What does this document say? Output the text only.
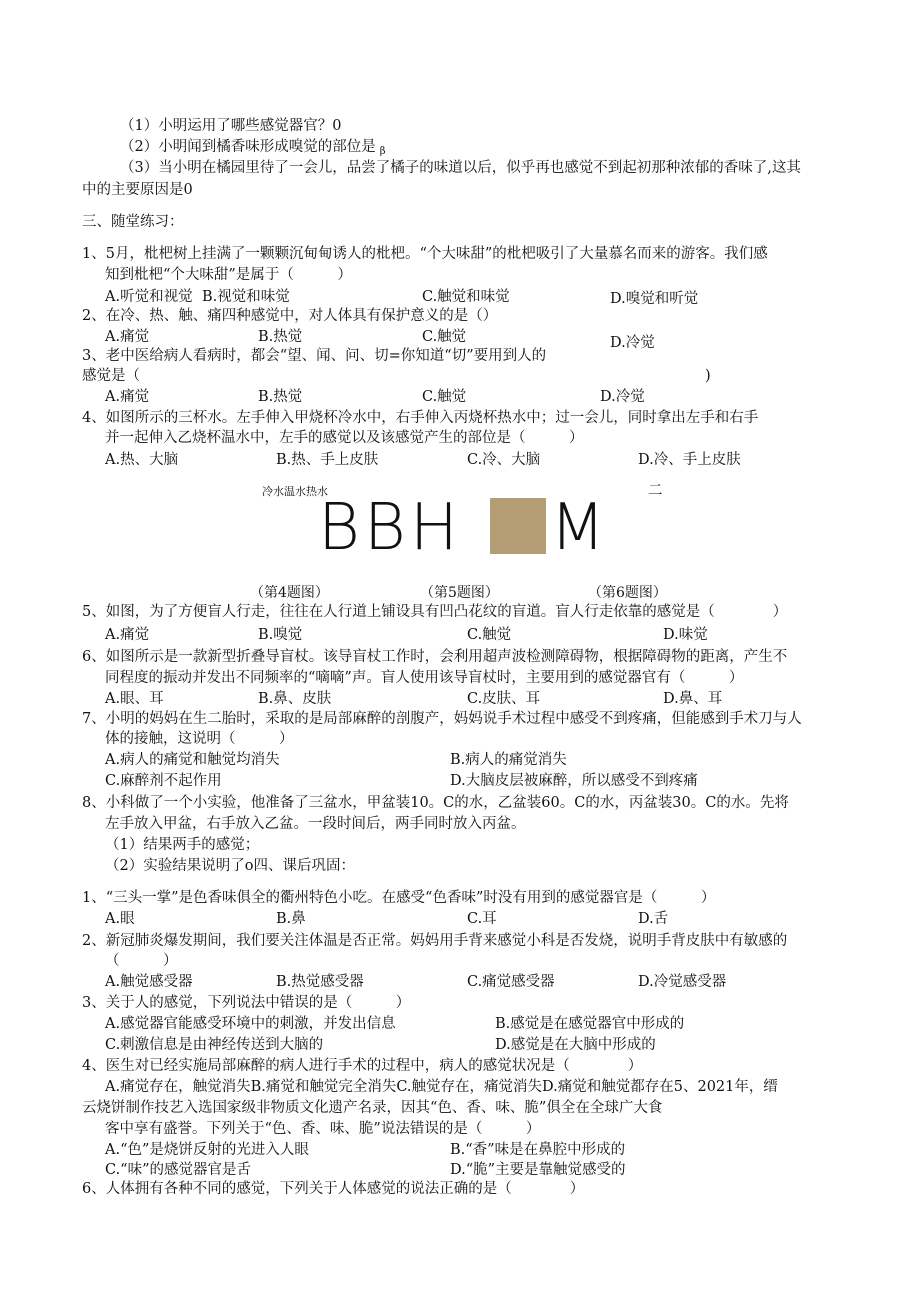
（1）小明运用了哪些感觉器官？0
（2）小明闻到橘香味形成嗅觉的部位是 $_\beta$
（3）当小明在橘园里待了一会儿，品尝了橘子的味道以后，似乎再也感觉不到起初那种浓郁的香味了,这其
中的主要原因是0
三、随堂练习：
1、5月，枇杷树上挂满了一颗颗沉甸甸诱人的枇杷。“个大味甜”的枇杷吸引了大量慕名而来的游客。我们感
知到枇杷“个大味甜”是属于（　　　）
A.听觉和视觉 B.视觉和味觉	C.触觉和味觉	D.嗅觉和听觉
2、在冷、热、触、痛四种感觉中，对人体具有保护意义的是（）
A.痛觉	B.热觉	C.触觉	D.冷觉
3、老中医给病人看病时，都会“望、闻、问、切=你知道“切”要用到人的
感觉是（	)
A.痛觉	B.热觉	C.触觉	D.冷觉
4、如图所示的三杯水。左手伸入甲烧杯冷水中，右手伸入丙烧杯热水中；过一会儿，同时拿出左手和右手
并一起伸入乙烧杯温水中，左手的感觉以及该感觉产生的部位是（　　　）
A.热、大脑	B.热、手上皮肤	C.冷、大脑	D.冷、手上皮肤
冷水温水热水	二
BBH M
（第4题图）	（第5题图）	（第6题图）
5、如图，为了方便盲人行走，往往在人行道上铺设具有凹凸花纹的盲道。盲人行走依靠的感觉是（　　　　）
A.痛觉	B.嗅觉	C.触觉	D.味觉
6、如图所示是一款新型折叠导盲杖。该导盲杖工作时，会利用超声波检测障碍物，根据障碍物的距离，产生不
同程度的振动并发出不同频率的“嘀嘀”声。盲人使用该导盲杖时，主要用到的感觉器官有（　　　）
A.眼、耳	B.鼻、皮肤	C.皮肤、耳	D.鼻、耳
7、小明的妈妈在生二胎时，采取的是局部麻醉的剖腹产，妈妈说手术过程中感受不到疼痛，但能感到手术刀与人
体的接触，这说明（　　　）
A.病人的痛觉和触觉均消失	B.病人的痛觉消失
C.麻醉剂不起作用	D.大脑皮层被麻醉，所以感受不到疼痛
8、小科做了一个小实验，他准备了三盆水，甲盆装10。C的水，乙盆装60。C的水，丙盆装30。C的水。先将
左手放入甲盆，右手放入乙盆。一段时间后，两手同时放入丙盆。
（1）结果两手的感觉；
（2）实验结果说明了o四、课后巩固：
1、“三头一掌”是色香味俱全的衢州特色小吃。在感受“色香味”时没有用到的感觉器官是（　　　）
A.眼	B.鼻	C.耳	D.舌
2、新冠肺炎爆发期间，我们要关注体温是否正常。妈妈用手背来感觉小科是否发烧，说明手背皮肤中有敏感的
（　　　）
A.触觉感受器	B.热觉感受器	C.痛觉感受器	D.冷觉感受器
3、关于人的感觉，下列说法中错误的是（　　　）
A.感觉器官能感受环境中的刺激，并发出信息	B.感觉是在感觉器官中形成的
C.刺激信息是由神经传送到大脑的	D.感觉是在大脑中形成的
4、医生对已经实施局部麻醉的病人进行手术的过程中，病人的感觉状况是（　　　　）
A.痛觉存在，触觉消失B.痛觉和触觉完全消失C.触觉存在，痛觉消失D.痛觉和触觉都存在5、2021年，缙
云烧饼制作技艺入选国家级非物质文化遗产名录，因其“色、香、味、脆”俱全在全球广大食
客中享有盛誉。下列关于“色、香、味、脆”说法错误的是（　　　）
A.“色”是烧饼反射的光进入人眼	B.“香”味是在鼻腔中形成的
C.“味”的感觉器官是舌	D.“脆”主要是靠触觉感受的
6、人体拥有各种不同的感觉，下列关于人体感觉的说法正确的是（　　　　）
